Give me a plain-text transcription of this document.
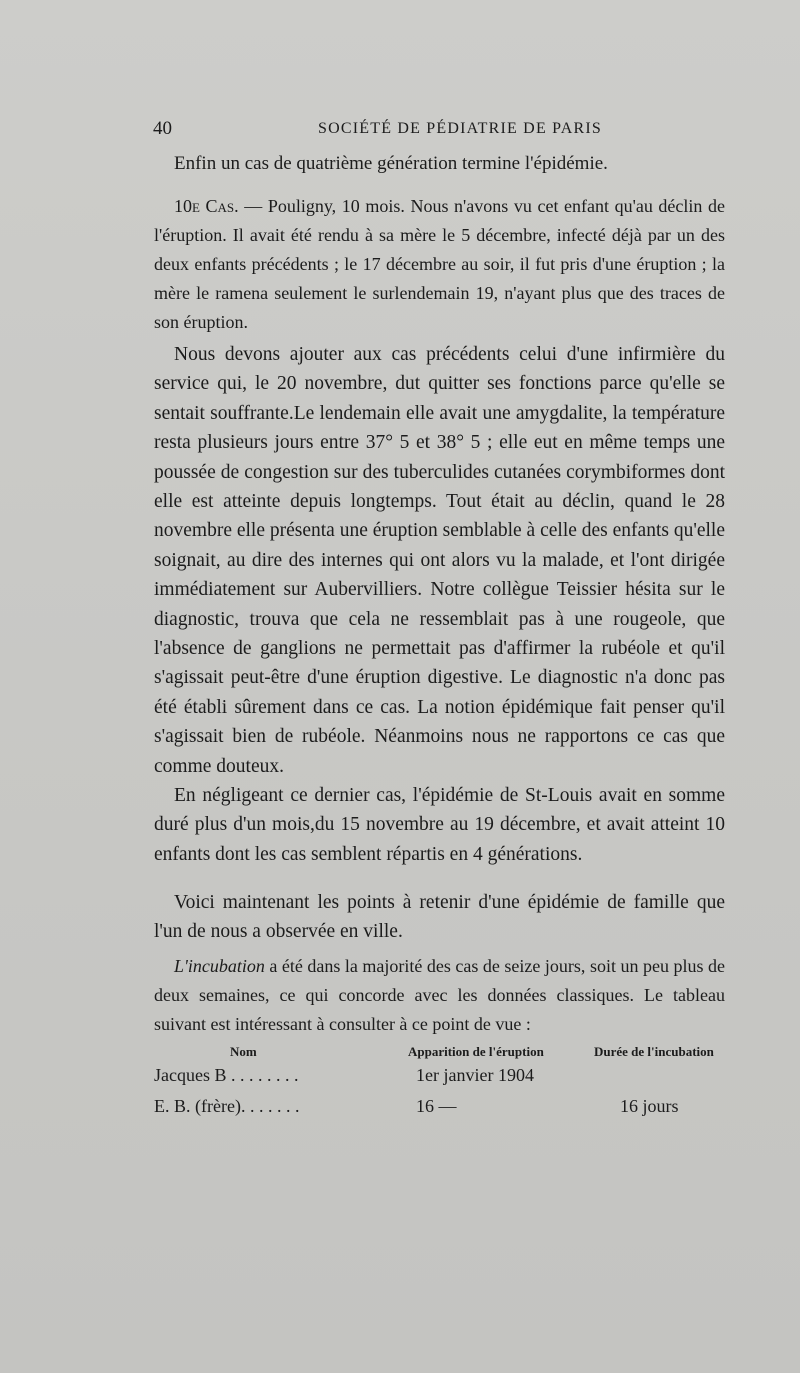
40	SOCIÉTÉ DE PÉDIATRIE DE PARIS

Enfin un cas de quatrième génération termine l'épidémie.

10e Cas. — Pouligny, 10 mois. Nous n'avons vu cet enfant qu'au déclin de l'éruption. Il avait été rendu à sa mère le 5 décembre, infecté déjà par un des deux enfants précédents ; le 17 décembre au soir, il fut pris d'une éruption ; la mère le ramena seulement le surlendemain 19, n'ayant plus que des traces de son éruption.

Nous devons ajouter aux cas précédents celui d'une infirmière du service qui, le 20 novembre, dut quitter ses fonctions parce qu'elle se sentait souffrante.Le lendemain elle avait une amygdalite, la température resta plusieurs jours entre 37° 5 et 38° 5 ; elle eut en même temps une poussée de congestion sur des tuberculides cutanées corymbiformes dont elle est atteinte depuis longtemps. Tout était au déclin, quand le 28 novembre elle présenta une éruption semblable à celle des enfants qu'elle soignait, au dire des internes qui ont alors vu la malade, et l'ont dirigée immédiatement sur Aubervilliers. Notre collègue Teissier hésita sur le diagnostic, trouva que cela ne ressemblait pas à une rougeole, que l'absence de ganglions ne permettait pas d'affirmer la rubéole et qu'il s'agissait peut-être d'une éruption digestive. Le diagnostic n'a donc pas été établi sûrement dans ce cas. La notion épidémique fait penser qu'il s'agissait bien de rubéole. Néanmoins nous ne rapportons ce cas que comme douteux.

En négligeant ce dernier cas, l'épidémie de St-Louis avait en somme duré plus d'un mois,du 15 novembre au 19 décembre, et avait atteint 10 enfants dont les cas semblent répartis en 4 générations.

Voici maintenant les points à retenir d'une épidémie de famille que l'un de nous a observée en ville.

L'incubation a été dans la majorité des cas de seize jours, soit un peu plus de deux semaines, ce qui concorde avec les données classiques. Le tableau suivant est intéressant à consulter à ce point de vue :

Nom	Apparition de l'éruption	Durée de l'incubation
Jacques B . . . . . . . .	1er janvier 1904
E. B. (frère). . . . . . .	16 —	16 jours
